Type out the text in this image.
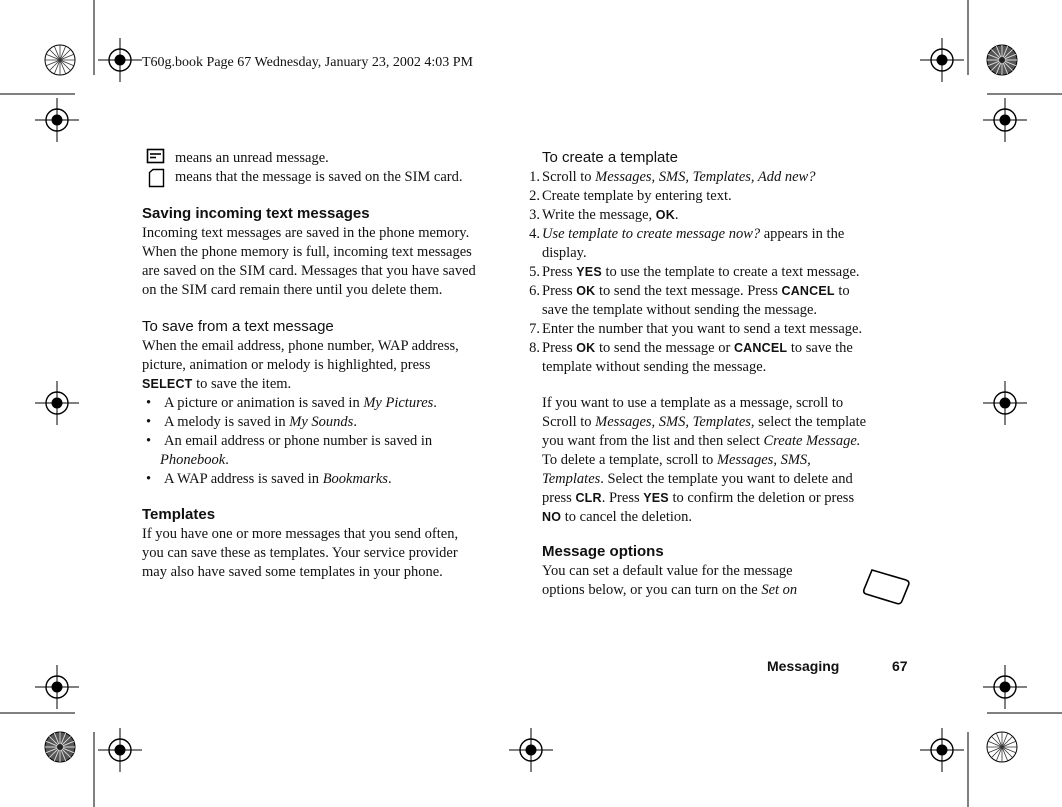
T60g.book Page 67 Wednesday, January 23, 2002 4:03 PM
means an unread message.
means that the message is saved on the SIM card.
Saving incoming text messages
Incoming text messages are saved in the phone memory.
When the phone memory is full, incoming text messages
are saved on the SIM card. Messages that you have saved
on the SIM card remain there until you delete them.
To save from a text message
When the email address, phone number, WAP address,
picture, animation or melody is highlighted, press
SELECT to save the item.
• A picture or animation is saved in My Pictures.
• A melody is saved in My Sounds.
• An email address or phone number is saved in
Phonebook.
• A WAP address is saved in Bookmarks.
Templates
If you have one or more messages that you send often,
you can save these as templates. Your service provider
may also have saved some templates in your phone.
To create a template
1. Scroll to Messages, SMS, Templates, Add new?
2. Create template by entering text.
3. Write the message, OK.
4. Use template to create message now? appears in the
display.
5. Press YES to use the template to create a text message.
6. Press OK to send the text message. Press CANCEL to
save the template without sending the message.
7. Enter the number that you want to send a text message.
8. Press OK to send the message or CANCEL to save the
template without sending the message.
If you want to use a template as a message, scroll to
Scroll to Messages, SMS, Templates, select the template
you want from the list and then select Create Message.
To delete a template, scroll to Messages, SMS,
Templates. Select the template you want to delete and
press CLR. Press YES to confirm the deletion or press
NO to cancel the deletion.
Message options
You can set a default value for the message
options below, or you can turn on the Set on
Messaging	67
